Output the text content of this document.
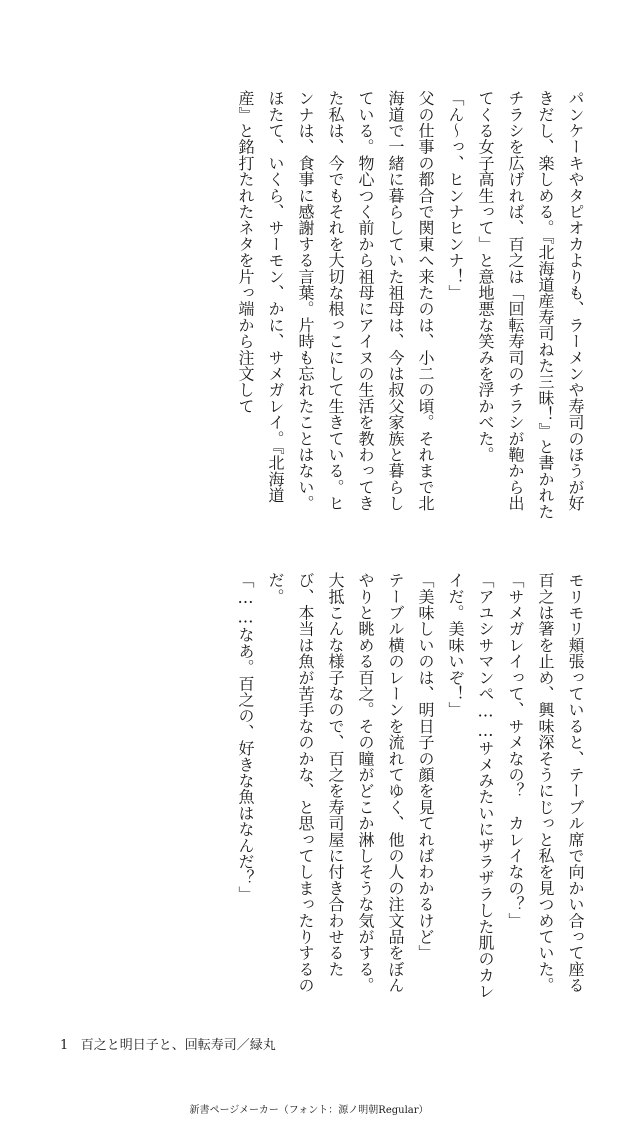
パンケーキやタピオカよりも、ラーメンや寿司のほうが好きだし、楽しめる。『北海道産寿司ねた三昧！』と書かれたチラシを広げれば、百之は「回転寿司のチラシが鞄から出てくる女子高生って」と意地悪な笑みを浮かべた。

「ん〜っ、ヒンナヒンナ！」

父の仕事の都合で関東へ来たのは、小二の頃。それまで北海道で一緒に暮らしていた祖母は、今は叔父家族と暮らしている。物心つく前から祖母にアイヌの生活を教わってきた私は、今でもそれを大切な根っこにして生きている。ヒンナは、食事に感謝する言葉。片時も忘れたことはない。

ほたて、いくら、サーモン、かに、サメガレイ。『北海道産』と銘打たれたネタを片っ端から注文して

モリモリ頬張っていると、テーブル席で向かい合って座る百之は箸を止め、興味深そうにじっと私を見つめていた。

「サメガレイって、サメなの？　カレイなの？」

「アユシサマンペ……サメみたいにザラザラした肌のカレイだ。美味いぞ！」

「美味しいのは、明日子の顔を見てればわかるけど」

テーブル横のレーンを流れてゆく、他の人の注文品をぼんやりと眺める百之。その瞳がどこか淋しそうな気がする。大抵こんな様子なので、百之を寿司屋に付き合わせるたび、本当は魚が苦手なのかな、と思ってしまったりするのだ。

「……なあ。百之の、好きな魚はなんだ？」

1 百之と明日子と、回転寿司／緑丸
新書ページメーカー（フォント：源ノ明朝Regular）
